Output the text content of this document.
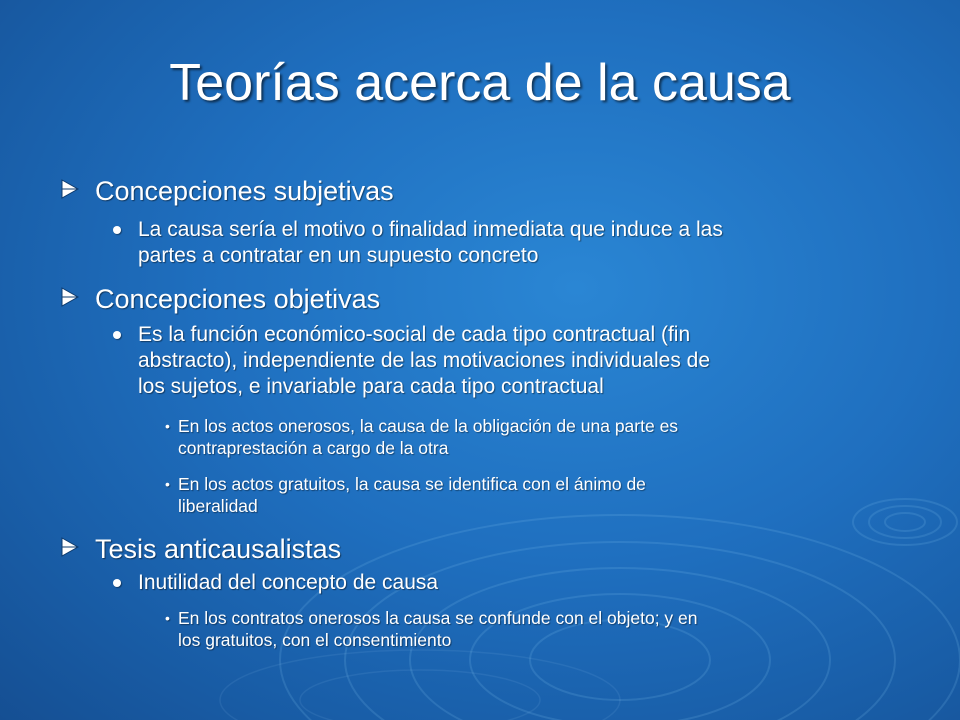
Teorías acerca de la causa
Concepciones subjetivas
La causa sería el motivo o finalidad inmediata que induce a las
partes a contratar en un supuesto concreto
Concepciones objetivas
Es la función económico-social de cada tipo contractual (fin
abstracto), independiente de las motivaciones individuales de
los sujetos, e invariable para cada tipo contractual
• En los actos onerosos, la causa de la obligación de una parte es
contraprestación a cargo de la otra
• En los actos gratuitos, la causa se identifica con el ánimo de
liberalidad
Tesis anticausalistas
Inutilidad del concepto de causa
• En los contratos onerosos la causa se confunde con el objeto; y en
los gratuitos, con el consentimiento
